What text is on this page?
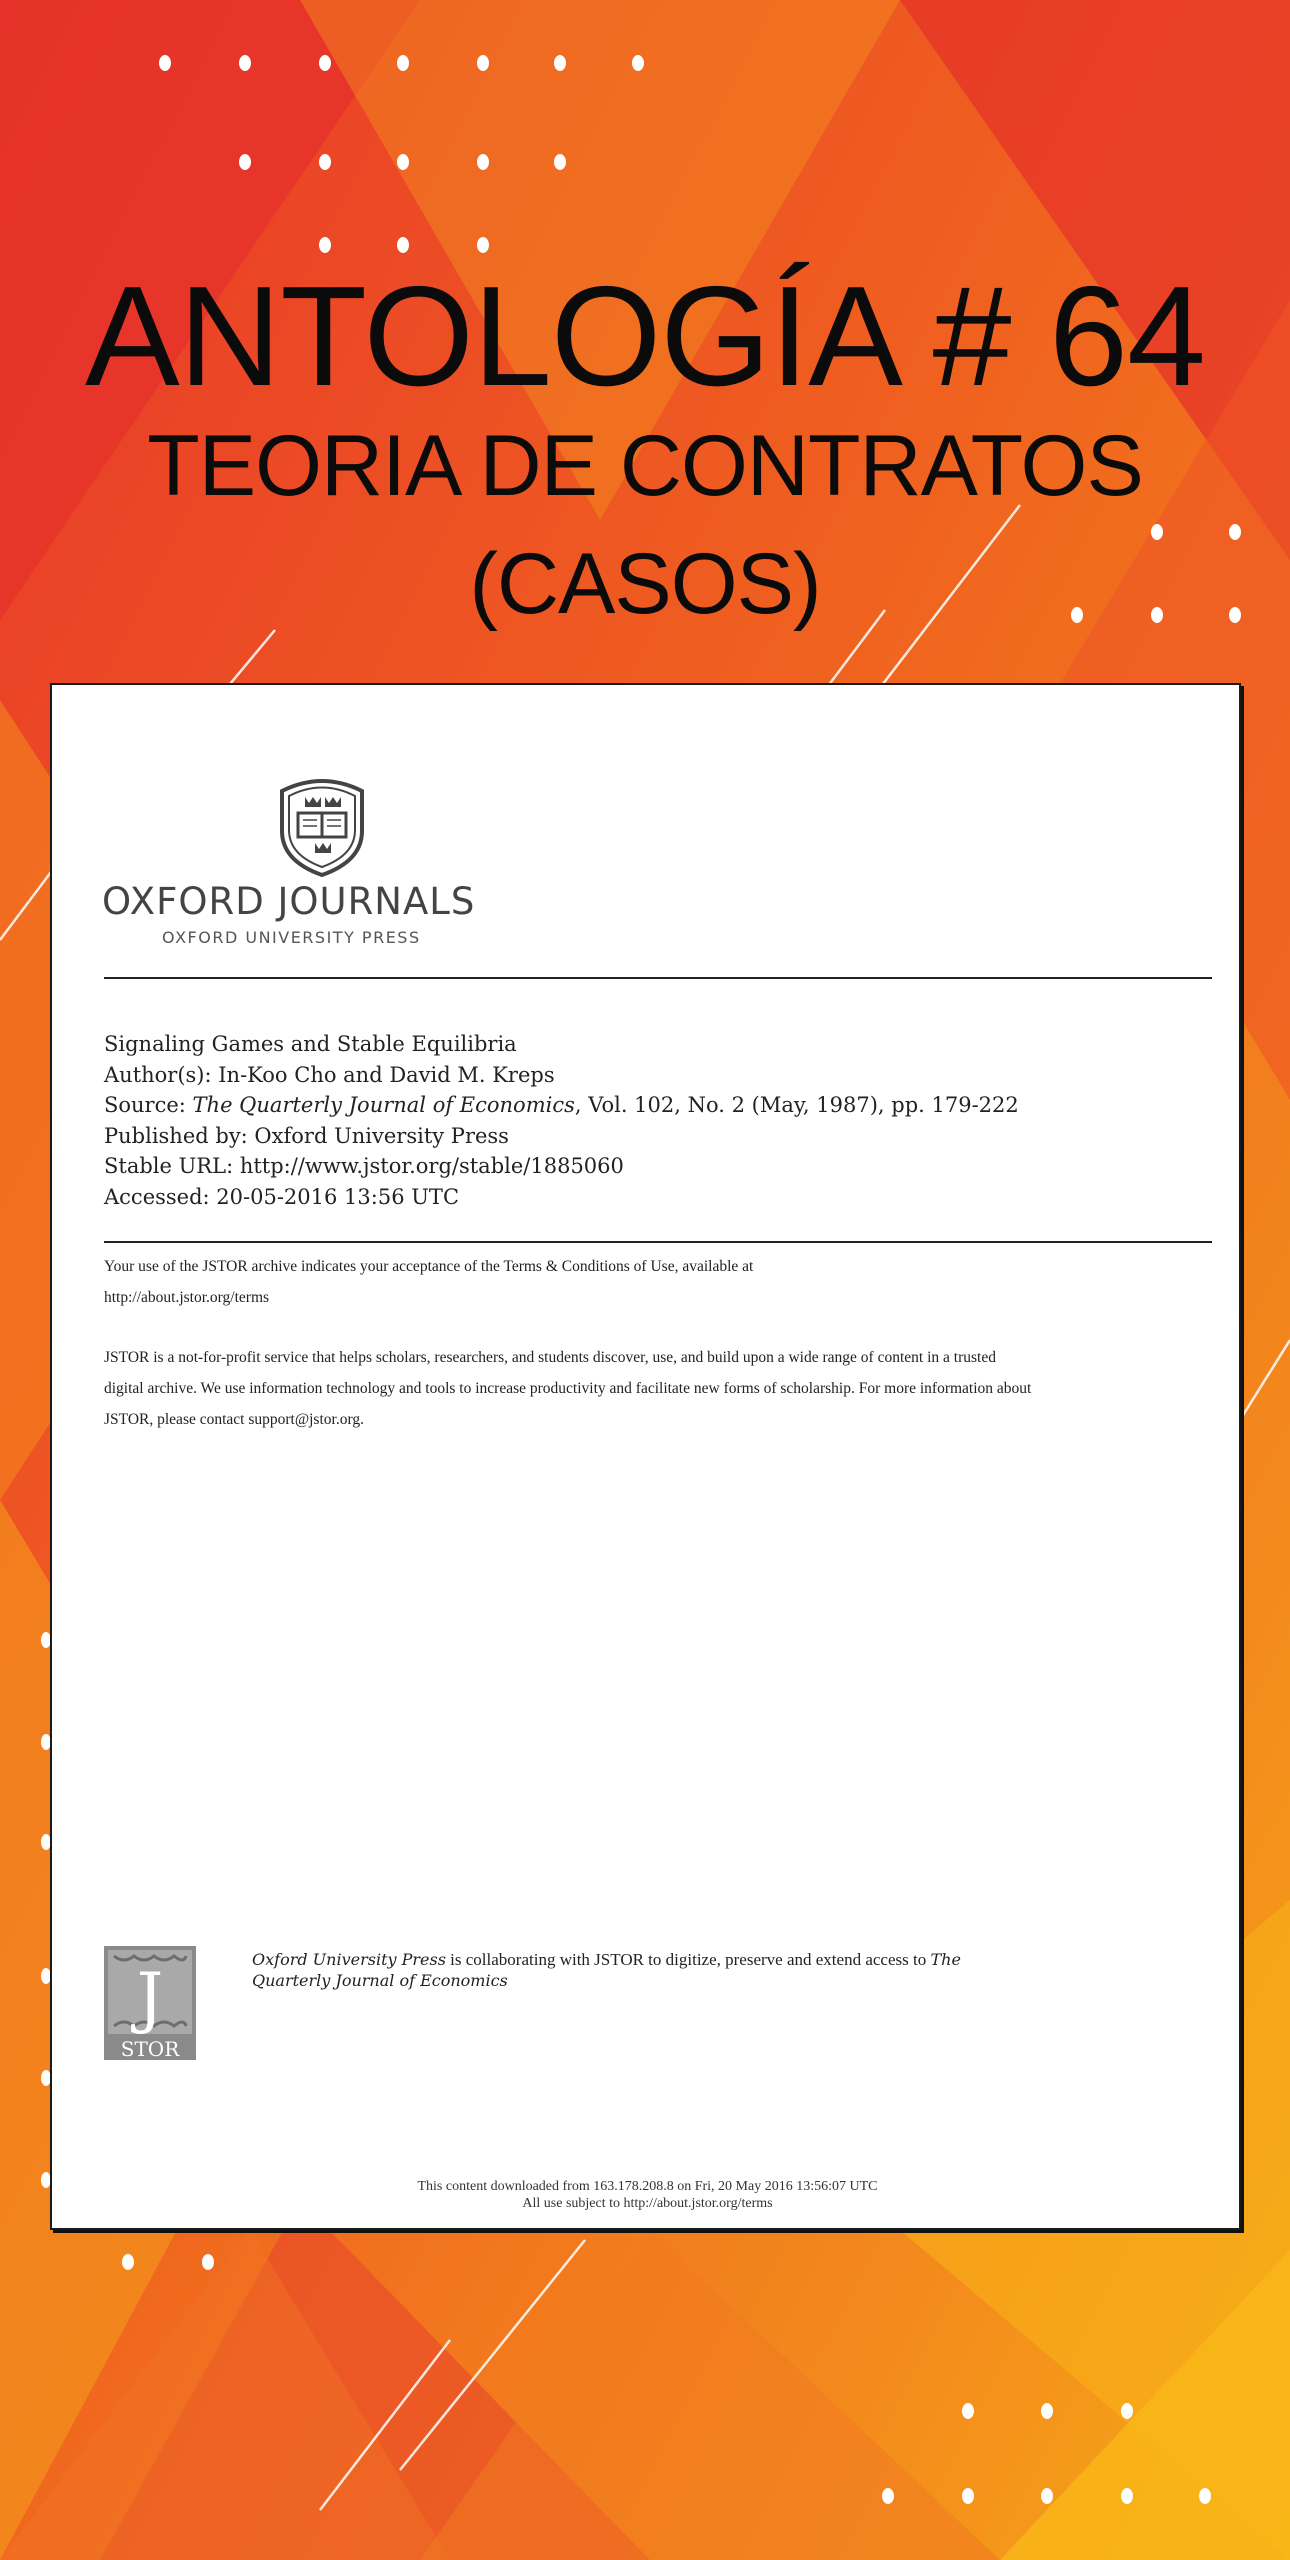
ANTOLOGÍA # 64
TEORIA DE CONTRATOS
(CASOS)
OXFORD JOURNALS
OXFORD UNIVERSITY PRESS
Signaling Games and Stable Equilibria
Author(s): In-Koo Cho and David M. Kreps
Source: The Quarterly Journal of Economics, Vol. 102, No. 2 (May, 1987), pp. 179-222
Published by: Oxford University Press
Stable URL: http://www.jstor.org/stable/1885060
Accessed: 20-05-2016 13:56 UTC
Your use of the JSTOR archive indicates your acceptance of the Terms & Conditions of Use, available at
http://about.jstor.org/terms
JSTOR is a not-for-profit service that helps scholars, researchers, and students discover, use, and build upon a wide range of content in a trusted
digital archive. We use information technology and tools to increase productivity and facilitate new forms of scholarship. For more information about
JSTOR, please contact support@jstor.org.
J
STOR
Oxford University Press is collaborating with JSTOR to digitize, preserve and extend access to The
Quarterly Journal of Economics
This content downloaded from 163.178.208.8 on Fri, 20 May 2016 13:56:07 UTC
All use subject to http://about.jstor.org/terms
